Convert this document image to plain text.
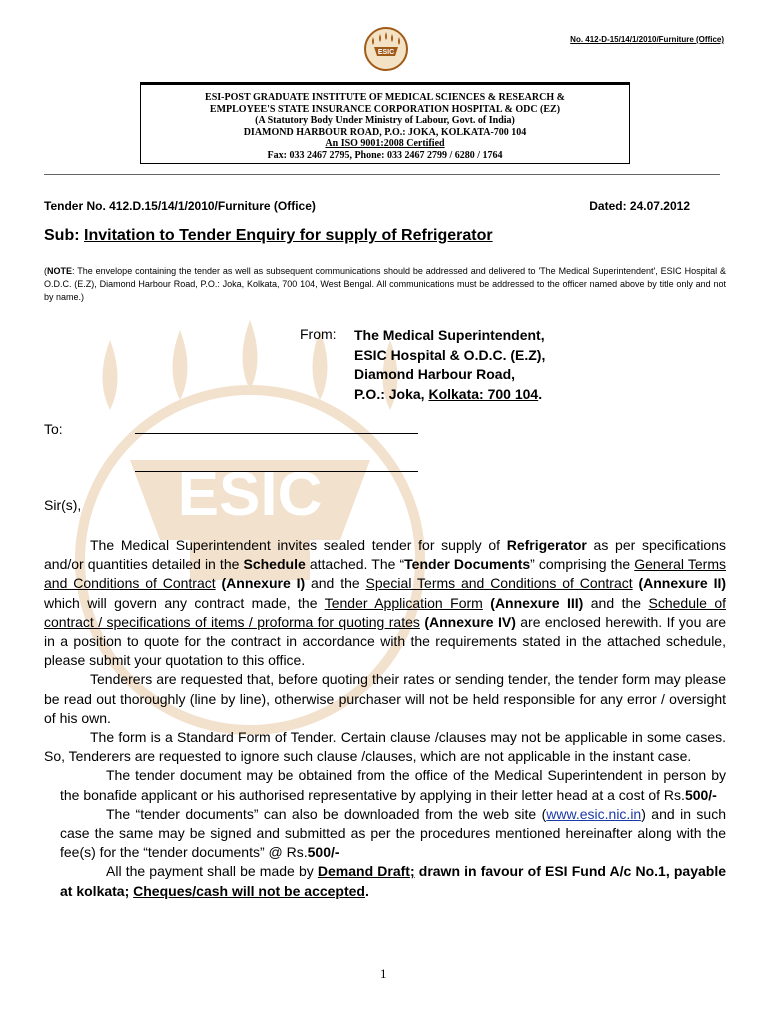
ESIC
No. 412-D-15/14/1/2010/Furniture (Office)
ESIC
ESI-POST GRADUATE INSTITUTE OF MEDICAL SCIENCES & RESEARCH &
EMPLOYEE'S STATE INSURANCE CORPORATION HOSPITAL & ODC (EZ)
(A Statutory Body Under Ministry of Labour, Govt. of India)
DIAMOND HARBOUR ROAD, P.O.: JOKA, KOLKATA-700 104
An ISO 9001:2008 Certified
Fax: 033 2467 2795, Phone: 033 2467 2799 / 6280 / 1764
Tender No. 412.D.15/14/1/2010/Furniture (Office)	Dated: 24.07.2012
Sub: Invitation to Tender Enquiry for supply of Refrigerator
(NOTE: The envelope containing the tender as well as subsequent communications should be addressed and delivered to 'The Medical Superintendent', ESIC Hospital & O.D.C. (E.Z), Diamond Harbour Road, P.O.: Joka, Kolkata, 700 104, West Bengal. All communications must be addressed to the officer named above by title only and not by name.)
From: The Medical Superintendent,
ESIC Hospital & O.D.C. (E.Z),
Diamond Harbour Road,
P.O.: Joka, Kolkata: 700 104.
To:
Sir(s),

The Medical Superintendent invites sealed tender for supply of Refrigerator as per specifications and/or quantities detailed in the Schedule attached. The “Tender Documents” comprising the General Terms and Conditions of Contract (Annexure I) and the Special Terms and Conditions of Contract (Annexure II) which will govern any contract made, the Tender Application Form (Annexure III) and the Schedule of contract / specifications of items / proforma for quoting rates (Annexure IV) are enclosed herewith. If you are in a position to quote for the contract in accordance with the requirements stated in the attached schedule, please submit your quotation to this office.

Tenderers are requested that, before quoting their rates or sending tender, the tender form may please be read out thoroughly (line by line), otherwise purchaser will not be held responsible for any error / oversight of his own.

The form is a Standard Form of Tender. Certain clause /clauses may not be applicable in some cases. So, Tenderers are requested to ignore such clause /clauses, which are not applicable in the instant case.

The tender document may be obtained from the office of the Medical Superintendent in person by the bonafide applicant or his authorised representative by applying in their letter head at a cost of Rs.500/-

The “tender documents” can also be downloaded from the web site (www.esic.nic.in) and in such case the same may be signed and submitted as per the procedures mentioned hereinafter along with the fee(s) for the “tender documents” @ Rs.500/-

All the payment shall be made by Demand Draft; drawn in favour of ESI Fund A/c No.1, payable at kolkata; Cheques/cash will not be accepted.

1
